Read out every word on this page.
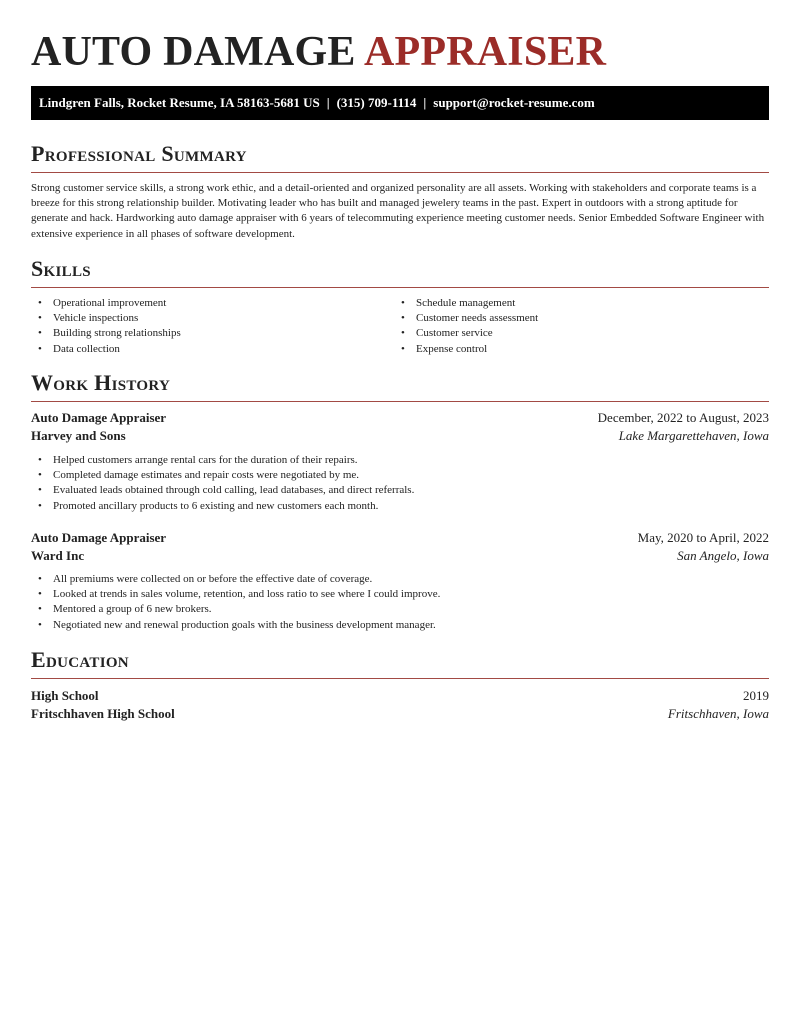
AUTO DAMAGE APPRAISER
Lindgren Falls, Rocket Resume, IA 58163-5681 US | (315) 709-1114 | support@rocket-resume.com
Professional Summary

Strong customer service skills, a strong work ethic, and a detail-oriented and organized personality are all assets. Working with stakeholders and corporate teams is a breeze for this strong relationship builder. Motivating leader who has built and managed jewelery teams in the past. Expert in outdoors with a strong aptitude for generate and hack. Hardworking auto damage appraiser with 6 years of telecommuting experience meeting customer needs. Senior Embedded Software Engineer with extensive experience in all phases of software development.

Skills
• Operational improvement
• Vehicle inspections
• Building strong relationships
• Data collection
• Schedule management
• Customer needs assessment
• Customer service
• Expense control
Work History
Auto Damage Appraiser	December, 2022 to August, 2023
Harvey and Sons	Lake Margarettehaven, Iowa
• Helped customers arrange rental cars for the duration of their repairs.
• Completed damage estimates and repair costs were negotiated by me.
• Evaluated leads obtained through cold calling, lead databases, and direct referrals.
• Promoted ancillary products to 6 existing and new customers each month.
Auto Damage Appraiser	May, 2020 to April, 2022
Ward Inc	San Angelo, Iowa
• All premiums were collected on or before the effective date of coverage.
• Looked at trends in sales volume, retention, and loss ratio to see where I could improve.
• Mentored a group of 6 new brokers.
• Negotiated new and renewal production goals with the business development manager.
Education
High School	2019
Fritschhaven High School	Fritschhaven, Iowa
